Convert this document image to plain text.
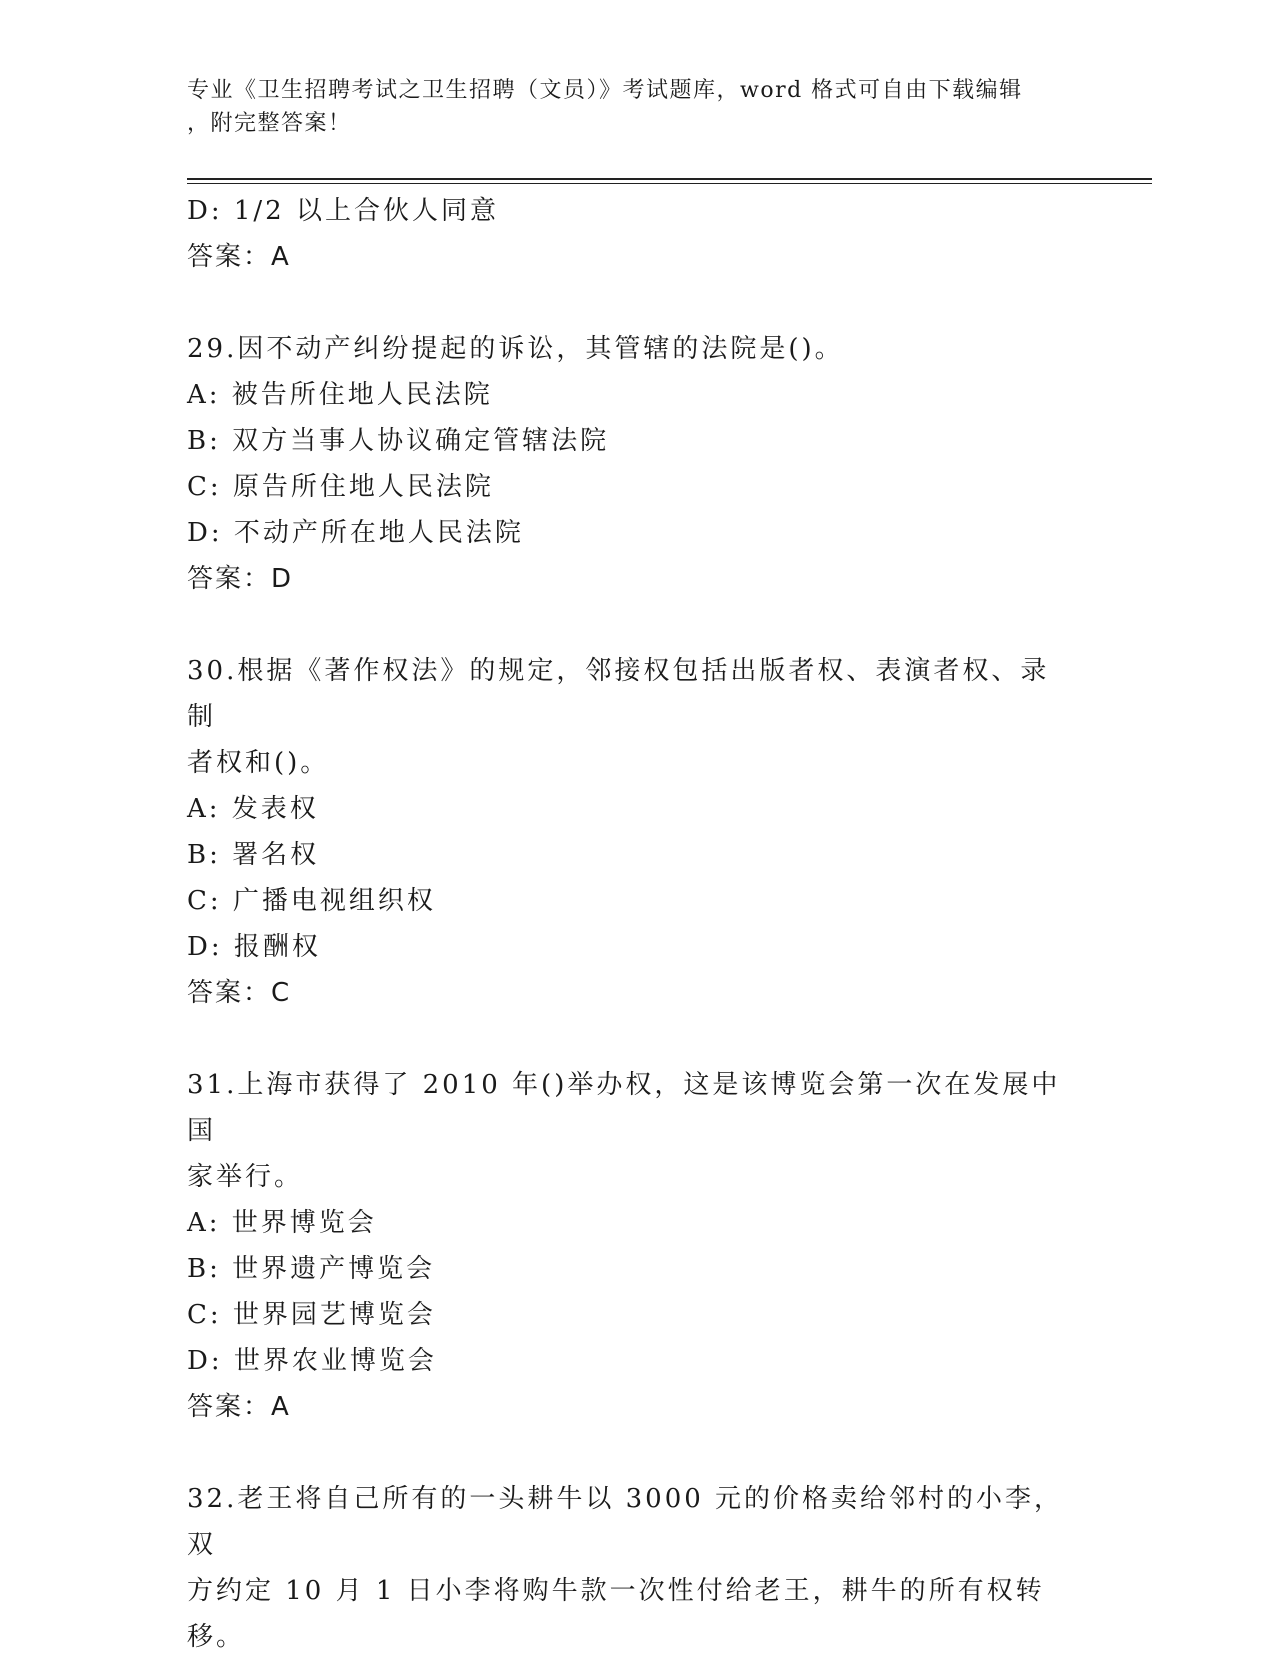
专业《卫生招聘考试之卫生招聘（文员）》考试题库，word 格式可自由下载编辑
，附完整答案！

D: 1/2 以上合伙人同意

答案：A

29.因不动产纠纷提起的诉讼，其管辖的法院是()。

A: 被告所住地人民法院

B: 双方当事人协议确定管辖法院

C: 原告所住地人民法院

D: 不动产所在地人民法院

答案：D

30.根据《著作权法》的规定，邻接权包括出版者权、表演者权、录制

者权和()。

A: 发表权

B: 署名权

C: 广播电视组织权

D: 报酬权

答案：C

31.上海市获得了 2010 年()举办权，这是该博览会第一次在发展中国

家举行。

A: 世界博览会

B: 世界遗产博览会

C: 世界园艺博览会

D: 世界农业博览会

答案：A

32.老王将自己所有的一头耕牛以 3000 元的价格卖给邻村的小李，双

方约定 10 月 1 日小李将购牛款一次性付给老王，耕牛的所有权转移。
